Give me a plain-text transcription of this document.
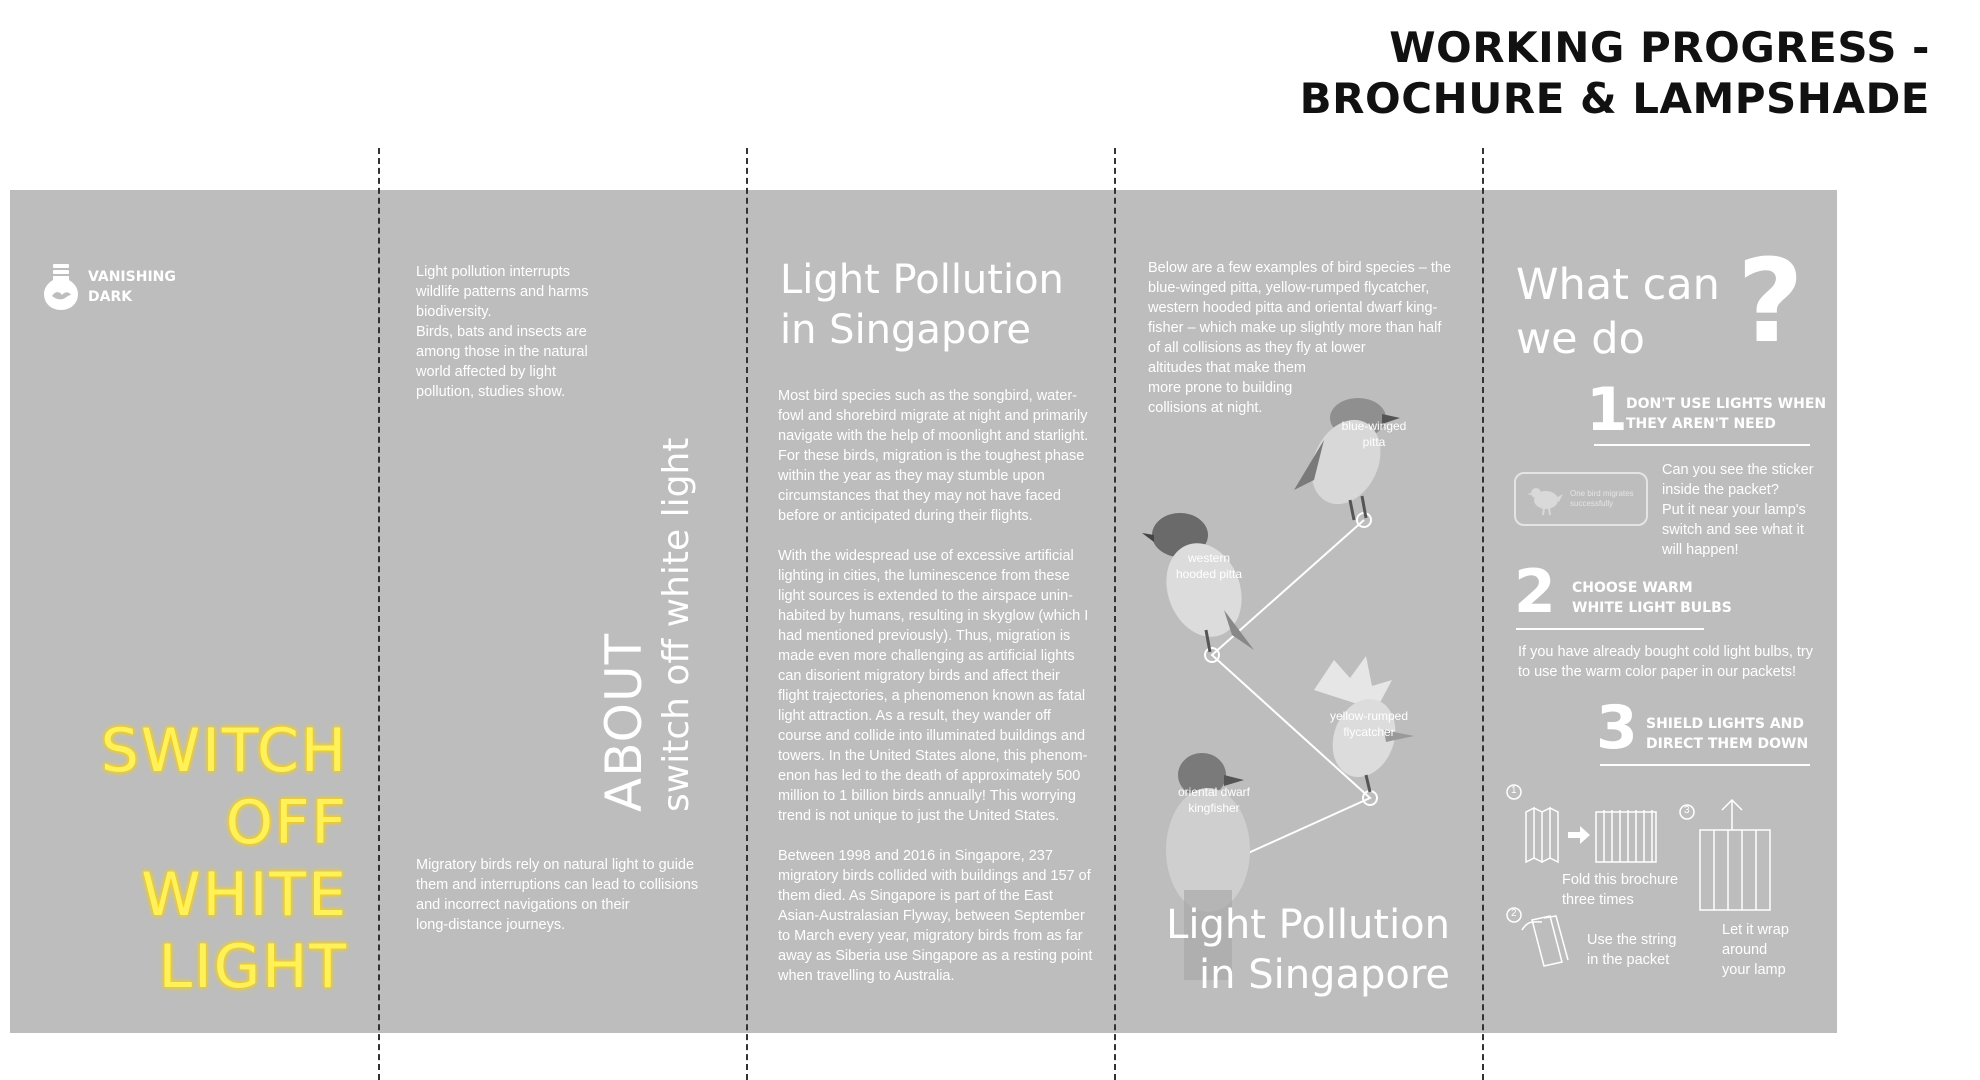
WORKING PROGRESS -
BROCHURE & LAMPSHADE
VANISHING
DARK
SWITCH
OFF
WHITE
LIGHT
Light pollution interrupts
wildlife patterns and harms
biodiversity.
Birds, bats and insects are
among those in the natural
world affected by light
pollution, studies show.
ABOUT switch off white light
Migratory birds rely on natural light to guide
them and interruptions can lead to collisions
and incorrect navigations on their
long-distance journeys.
Light Pollution
in Singapore
Most bird species such as the songbird, water-
fowl and shorebird migrate at night and primarily
navigate with the help of moonlight and starlight.
For these birds, migration is the toughest phase
within the year as they may stumble upon
circumstances that they may not have faced
before or anticipated during their flights.
With the widespread use of excessive artificial
lighting in cities, the luminescence from these
light sources is extended to the airspace unin-
habited by humans, resulting in skyglow (which I
had mentioned previously). Thus, migration is
made even more challenging as artificial lights
can disorient migratory birds and affect their
flight trajectories, a phenomenon known as fatal
light attraction. As a result, they wander off
course and collide into illuminated buildings and
towers. In the United States alone, this phenom-
enon has led to the death of approximately 500
million to 1 billion birds annually! This worrying
trend is not unique to just the United States.
Between 1998 and 2016 in Singapore, 237
migratory birds collided with buildings and 157 of
them died. As Singapore is part of the East
Asian-Australasian Flyway, between September
to March every year, migratory birds from as far
away as Siberia use Singapore as a resting point
when travelling to Australia.
Below are a few examples of bird species – the
blue-winged pitta, yellow-rumped flycatcher,
western hooded pitta and oriental dwarf king-
fisher – which make up slightly more than half
of all collisions as they fly at lower
altitudes that make them
more prone to building
collisions at night.
blue-winged
pitta
western
hooded pitta
yellow-rumped
flycatcher
oriental dwarf
kingfisher
Light Pollution
in Singapore
What can
we do ?
1
DON'T USE LIGHTS WHEN
THEY AREN'T NEED
One bird migrates
successfully
Can you see the sticker
inside the packet?
Put it near your lamp's
switch and see what it
will happen!
2 CHOOSE WARM
WHITE LIGHT BULBS
If you have already bought cold light bulbs, try
to use the warm color paper in our packets!
3 SHIELD LIGHTS AND
DIRECT THEM DOWN
1
2
3
Fold this brochure
three times
Use the string
in the packet
Let it wrap
around
your lamp
